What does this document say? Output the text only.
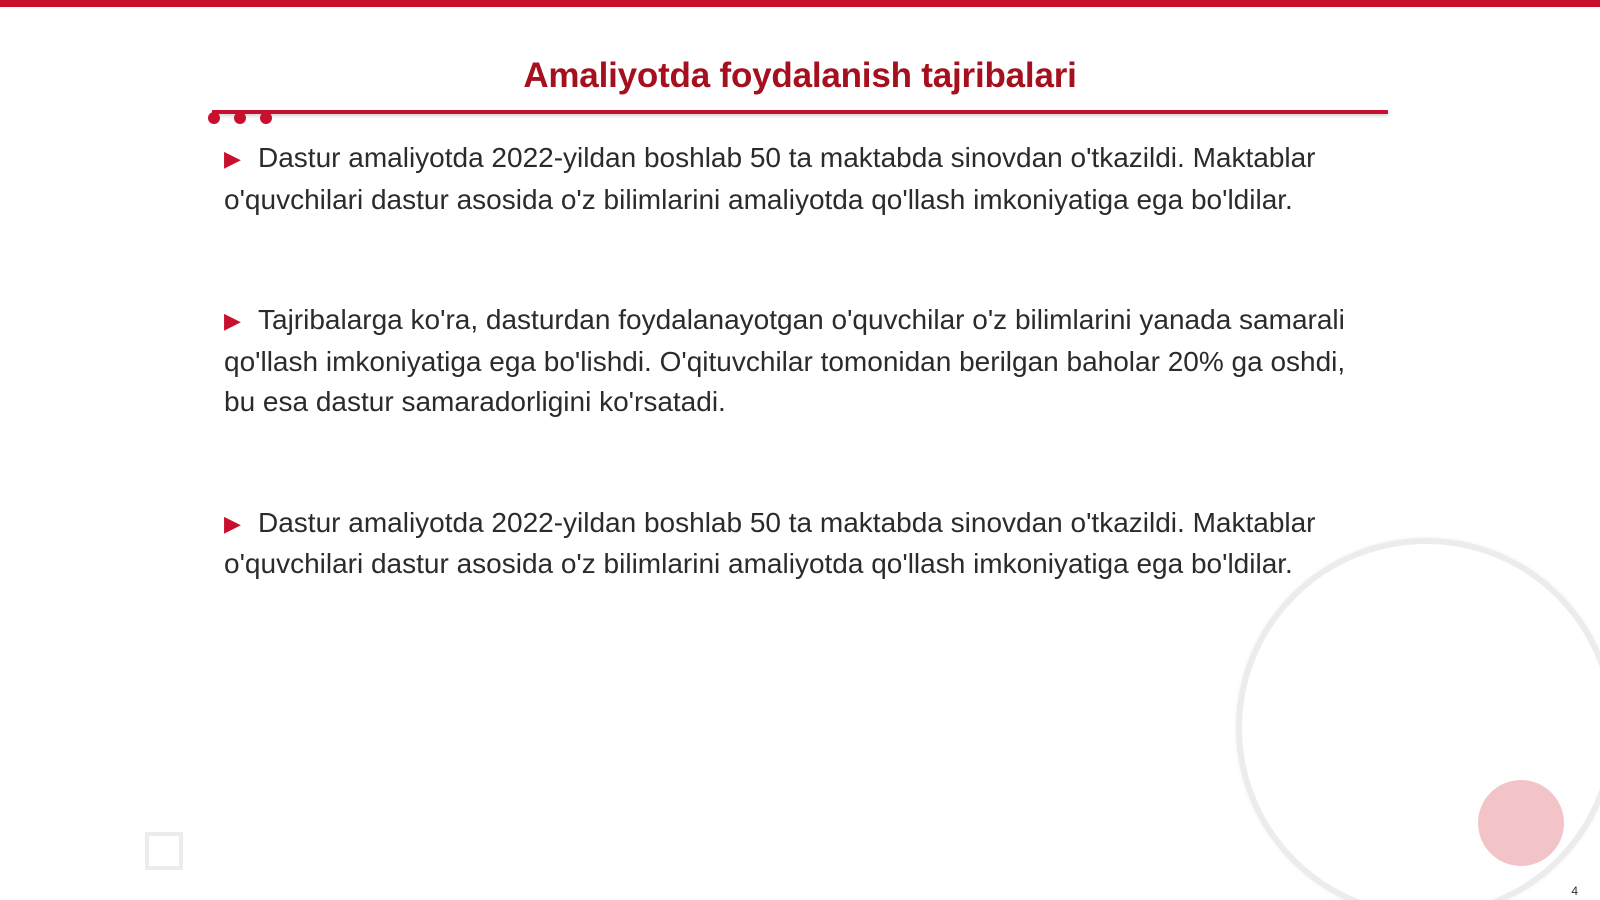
Amaliyotda foydalanish tajribalari

▶ Dastur amaliyotda 2022-yildan boshlab 50 ta maktabda sinovdan o'tkazildi. Maktablar o'quvchilari dastur asosida o'z bilimlarini amaliyotda qo'llash imkoniyatiga ega bo'ldilar.

▶ Tajribalarga ko'ra, dasturdan foydalanayotgan o'quvchilar o'z bilimlarini yanada samarali qo'llash imkoniyatiga ega bo'lishdi. O'qituvchilar tomonidan berilgan baholar 20% ga oshdi, bu esa dastur samaradorligini ko'rsatadi.

▶ Dastur amaliyotda 2022-yildan boshlab 50 ta maktabda sinovdan o'tkazildi. Maktablar o'quvchilari dastur asosida o'z bilimlarini amaliyotda qo'llash imkoniyatiga ega bo'ldilar.

4
